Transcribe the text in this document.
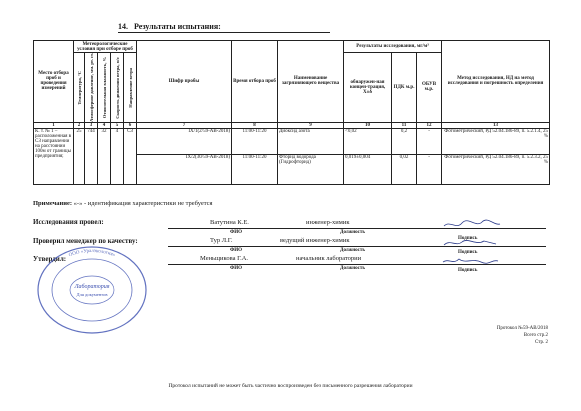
14. Результаты испытания:
Место отбора проб и проведения измерений	Метеорологические условия при отборе проб					Шифр пробы	Время отбора проб	Наименование загрязняющего вещества	Результаты исследования, мг/м³			Метод исследования, НД на метод исследования и погрешность определения

	Температура, °С	Атмосферное давление, мм. рт. ст.	Относительная влажность, %	Скорость движения ветра, м/с	Направление ветра				обнаружен-ная концен-трация, Х±δ	ПДК м.р.	ОБУВ м.р.	
1	2	3	4	5	6	7	8	9	10	11	12	13
К. т. № 1 – расположенная в СЗ направлении на расстоянии 100м от границы предприятия;	25	744	32	4	СЗ	IX/1(2/59-АВ-2018)	11:00-11:20	Диоксид азота	<0,02	0,2	-	Фотометрический, РД 52.04.186-89, п. 5.2.1.4, 25 %
						IX/2(30/59-АВ-2018)	11:00-11:20	Фторид водорода (Гидрофторид)	0,019±0,004	0,02	-	Фотометрический, РД 52.04.186-89, п. 5.2.3.2, 25 %
Примечание: «-» - идентификация характеристики не требуется
Исследования провел:	Ватутина К.Е.	инженер-химик
ФИО	Должность
Подпись
Проверил менеджер по качеству:	Тур Л.Г.	ведущий инженер-химик
ФИО	Должность	Подпись
Утвердил:	Меньщикова Г.А.	начальник лаборатории
ФИО	Должность	Подпись
Лаборатория
Для документов
ООО «Уралэкология»
Протокол №59-АВ/2018
Всего стр.2
Стр. 2
Протокол испытаний не может быть частично воспроизведен без письменного разрешения лаборатории
